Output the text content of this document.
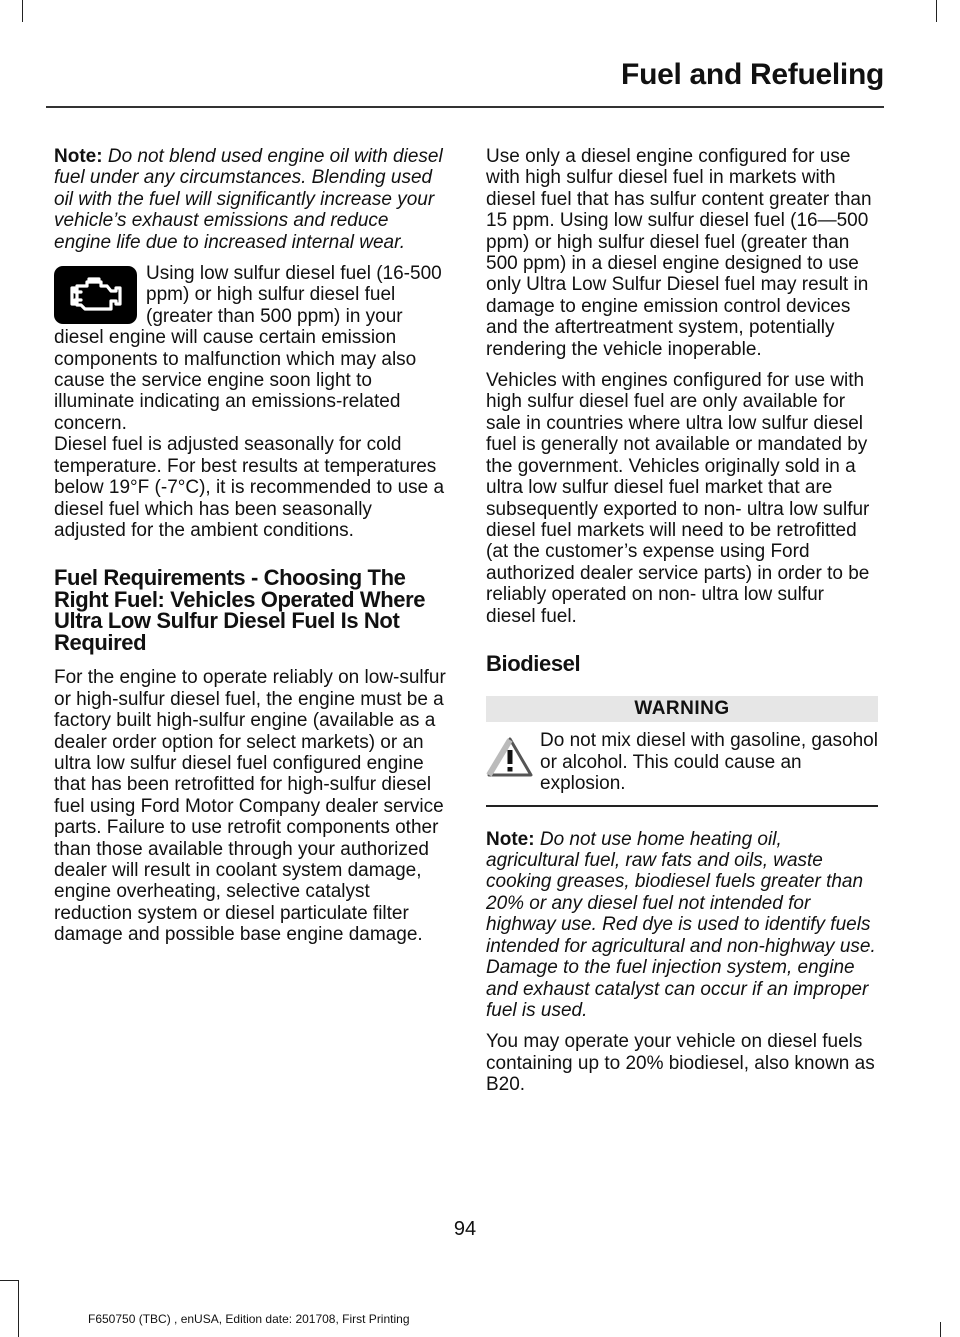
Fuel and Refueling

Note: Do not blend used engine oil with diesel fuel under any circumstances. Blending used oil with the fuel will significantly increase your vehicle’s exhaust emissions and reduce engine life due to increased internal wear.

Using low sulfur diesel fuel (16-500 ppm) or high sulfur diesel fuel (greater than 500 ppm) in your diesel engine will cause certain emission components to malfunction which may also cause the service engine soon light to illuminate indicating an emissions-related concern.

Diesel fuel is adjusted seasonally for cold temperature. For best results at temperatures below 19°F (-7°C), it is recommended to use a diesel fuel which has been seasonally adjusted for the ambient conditions.

Fuel Requirements - Choosing The Right Fuel: Vehicles Operated Where Ultra Low Sulfur Diesel Fuel Is Not Required

For the engine to operate reliably on low-sulfur or high-sulfur diesel fuel, the engine must be a factory built high-sulfur engine (available as a dealer order option for select markets) or an ultra low sulfur diesel fuel configured engine that has been retrofitted for high-sulfur diesel fuel using Ford Motor Company dealer service parts. Failure to use retrofit components other than those available through your authorized dealer will result in coolant system damage, engine overheating, selective catalyst reduction system or diesel particulate filter damage and possible base engine damage.

Use only a diesel engine configured for use with high sulfur diesel fuel in markets with diesel fuel that has sulfur content greater than 15 ppm. Using low sulfur diesel fuel (16—500 ppm) or high sulfur diesel fuel (greater than 500 ppm) in a diesel engine designed to use only Ultra Low Sulfur Diesel fuel may result in damage to engine emission control devices and the aftertreatment system, potentially rendering the vehicle inoperable.

Vehicles with engines configured for use with high sulfur diesel fuel are only available for sale in countries where ultra low sulfur diesel fuel is generally not available or mandated by the government. Vehicles originally sold in a ultra low sulfur diesel fuel market that are subsequently exported to non- ultra low sulfur diesel fuel markets will need to be retrofitted (at the customer’s expense using Ford authorized dealer service parts) in order to be reliably operated on non- ultra low sulfur diesel fuel.

Biodiesel
WARNING
Do not mix diesel with gasoline, gasohol or alcohol. This could cause an explosion.

Note: Do not use home heating oil, agricultural fuel, raw fats and oils, waste cooking greases, biodiesel fuels greater than 20% or any diesel fuel not intended for highway use. Red dye is used to identify fuels intended for agricultural and non-highway use. Damage to the fuel injection system, engine and exhaust catalyst can occur if an improper fuel is used.

You may operate your vehicle on diesel fuels containing up to 20% biodiesel, also known as B20.

94
F650750 (TBC) , enUSA, Edition date: 201708, First Printing
